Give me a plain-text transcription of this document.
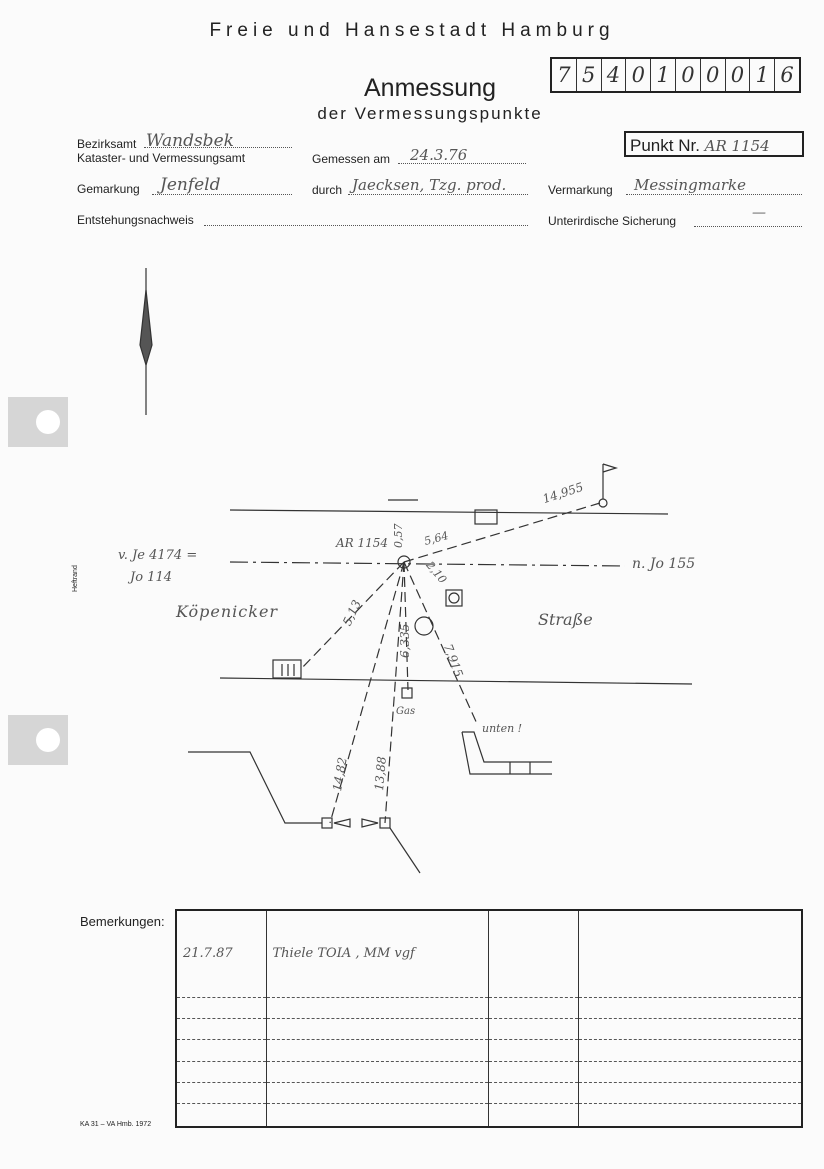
Freie und Hansestadt Hamburg
Anmessung
der Vermessungspunkte
7 5 4 0 1 0 0 0 1 6
Punkt Nr. AR 1154
Bezirksamt Wandsbek
Kataster- und Vermessungsamt	Gemessen am 24.3.76
Gemarkung Jenfeld	durch Jaecksen, Tzg. prod.	Vermarkung Messingmarke
Entstehungsnachweis	Unterirdische Sicherung	—
Heftrand
AR 1154
v. Je 4174 =
Jo 114
n. Jo 155
Köpenicker	Straße
14,955
5,64
0,57
2,10
5,13
6,335
7,915
14,82 13,88
Gas
unten !
Bemerkungen:
21.7.87	Thiele TOIA , MM vgf		

KA 31 – VA Hmb. 1972
